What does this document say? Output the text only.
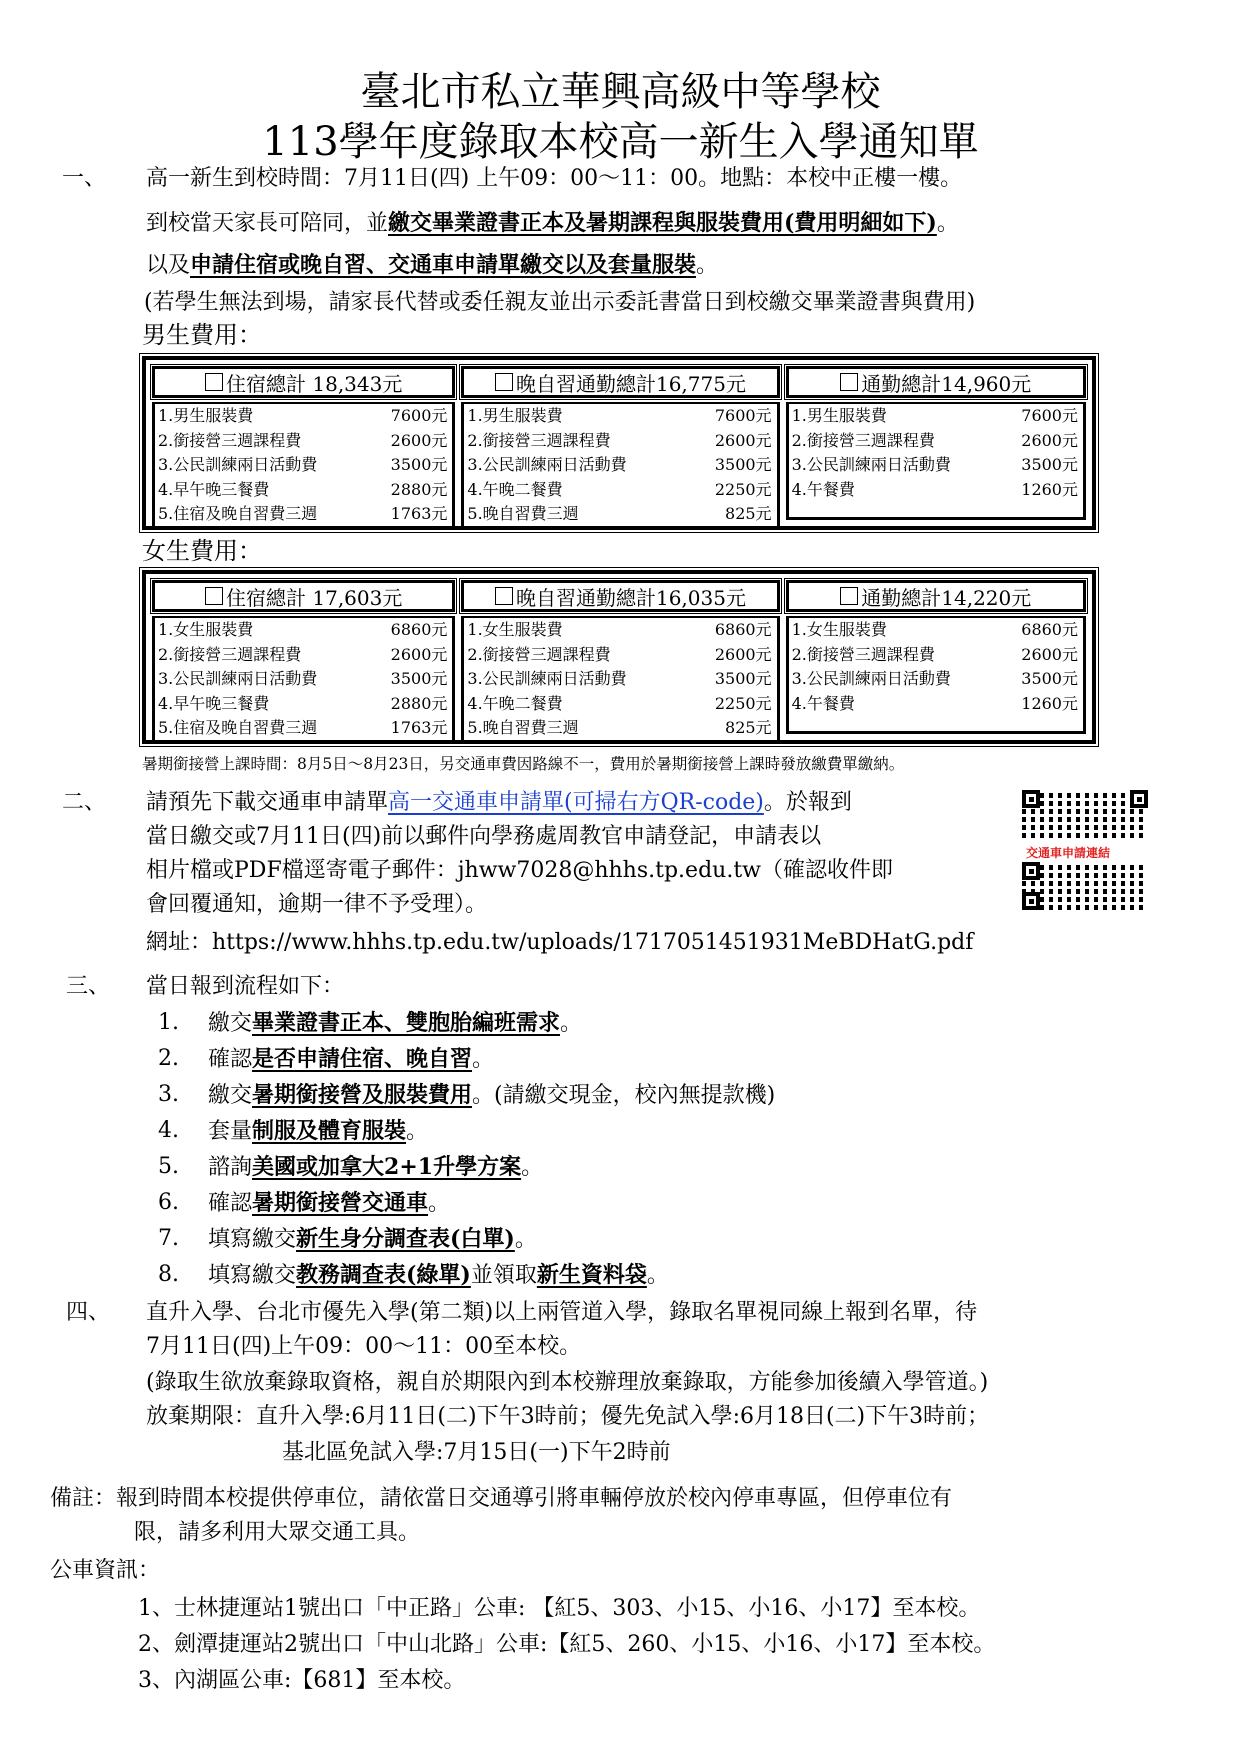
臺北市私立華興高級中等學校
113學年度錄取本校高一新生入學通知單
一、 高一新生到校時間：7月11日(四) 上午09：00～11：00。地點：本校中正樓一樓。
到校當天家長可陪同，並繳交畢業證書正本及暑期課程與服裝費用(費用明細如下)。
以及申請住宿或晚自習、交通車申請單繳交以及套量服裝。
(若學生無法到場，請家長代替或委任親友並出示委託書當日到校繳交畢業證書與費用)
男生費用：
住宿總計 18,343元
1.男生服裝費	7600元
2.銜接營三週課程費	2600元
3.公民訓練兩日活動費	3500元
4.早午晚三餐費	2880元
5.住宿及晚自習費三週	1763元
晚自習通勤總計16,775元
1.男生服裝費	7600元
2.銜接營三週課程費	2600元
3.公民訓練兩日活動費	3500元
4.午晚二餐費	2250元
5.晚自習費三週	825元
通勤總計14,960元
1.男生服裝費	7600元
2.銜接營三週課程費	2600元
3.公民訓練兩日活動費	3500元
4.午餐費	1260元
女生費用：
住宿總計 17,603元
1.女生服裝費	6860元
2.銜接營三週課程費	2600元
3.公民訓練兩日活動費	3500元
4.早午晚三餐費	2880元
5.住宿及晚自習費三週	1763元
晚自習通勤總計16,035元
1.女生服裝費	6860元
2.銜接營三週課程費	2600元
3.公民訓練兩日活動費	3500元
4.午晚二餐費	2250元
5.晚自習費三週	825元
通勤總計14,220元
1.女生服裝費	6860元
2.銜接營三週課程費	2600元
3.公民訓練兩日活動費	3500元
4.午餐費	1260元
暑期銜接營上課時間：8月5日～8月23日，另交通車費因路線不一，費用於暑期銜接營上課時發放繳費單繳納。
二、 請預先下載交通車申請單高一交通車申請單(可掃右方QR-code)。於報到
當日繳交或7月11日(四)前以郵件向學務處周教官申請登記，申請表以
相片檔或PDF檔逕寄電子郵件：jhww7028@hhhs.tp.edu.tw（確認收件即
會回覆通知，逾期一律不予受理）。
網址：https://www.hhhs.tp.edu.tw/uploads/1717051451931MeBDHatG.pdf
交通車申請連結
三、 當日報到流程如下：
1. 繳交畢業證書正本、雙胞胎編班需求。
2. 確認是否申請住宿、晚自習。
3. 繳交暑期銜接營及服裝費用。(請繳交現金，校內無提款機)
4. 套量制服及體育服裝。
5. 諮詢美國或加拿大2+1升學方案。
6. 確認暑期銜接營交通車。
7. 填寫繳交新生身分調查表(白單)。
8. 填寫繳交教務調查表(綠單)並領取新生資料袋。
四、 直升入學、台北市優先入學(第二類)以上兩管道入學，錄取名單視同線上報到名單，待
7月11日(四)上午09：00～11：00至本校。
(錄取生欲放棄錄取資格，親自於期限內到本校辦理放棄錄取，方能參加後續入學管道。)
放棄期限：直升入學:6月11日(二)下午3時前；優先免試入學:6月18日(二)下午3時前；
基北區免試入學:7月15日(一)下午2時前
備註：報到時間本校提供停車位，請依當日交通導引將車輛停放於校內停車專區，但停車位有
限，請多利用大眾交通工具。
公車資訊：
1、士林捷運站1號出口「中正路」公車: 【紅5、303、小15、小16、小17】至本校。
2、劍潭捷運站2號出口「中山北路」公車:【紅5、260、小15、小16、小17】至本校。
3、內湖區公車:【681】至本校。
